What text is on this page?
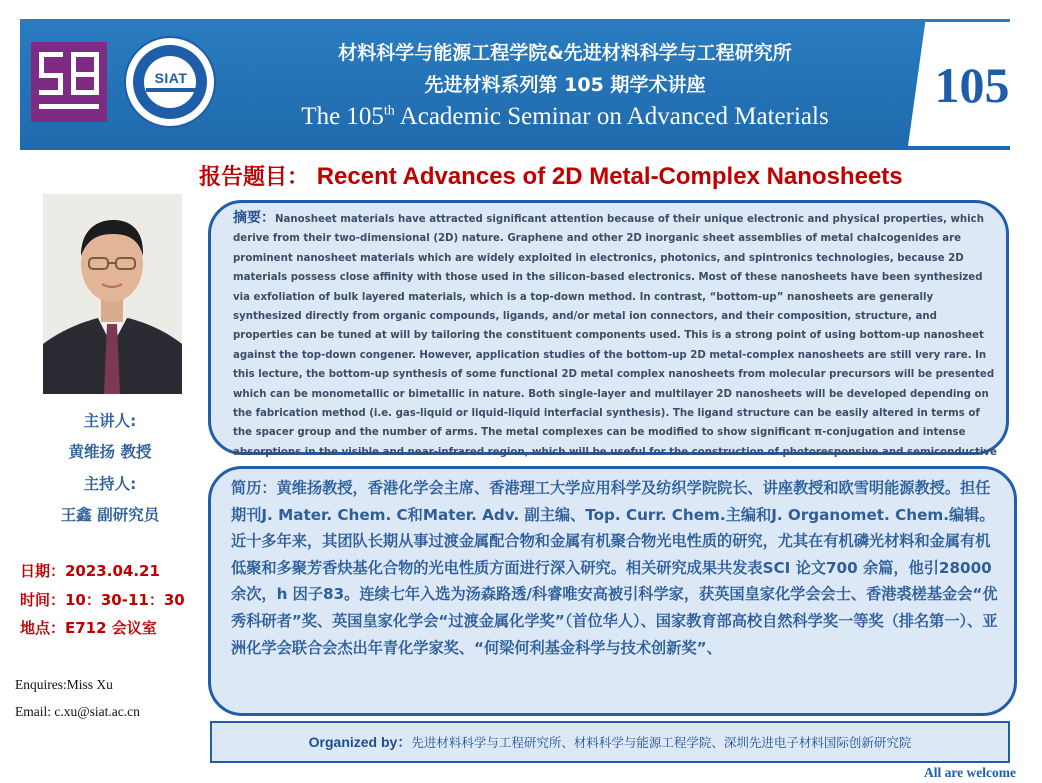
SIAT
材料科学与能源工程学院&先进材料科学与工程研究所
先进材料系列第 105 期学术讲座
The 105th Academic Seminar on Advanced Materials
105
报告题目： Recent Advances of 2D Metal-Complex Nanosheets
摘要：Nanosheet materials have attracted significant attention because of their unique electronic and physical properties, which derive from their two-dimensional (2D) nature. Graphene and other 2D inorganic sheet assemblies of metal chalcogenides are prominent nanosheet materials which are widely exploited in electronics, photonics, and spintronics technologies, because 2D materials possess close affinity with those used in the silicon-based electronics. Most of these nanosheets have been synthesized via exfoliation of bulk layered materials, which is a top-down method. In contrast, “bottom-up” nanosheets are generally synthesized directly from organic compounds, ligands, and/or metal ion connectors, and their composition, structure, and properties can be tuned at will by tailoring the constituent components used. This is a strong point of using bottom-up nanosheet against the top-down congener. However, application studies of the bottom-up 2D metal-complex nanosheets are still very rare. In this lecture, the bottom-up synthesis of some functional 2D metal complex nanosheets from molecular precursors will be presented which can be monometallic or bimetallic in nature. Both single-layer and multilayer 2D nanosheets will be developed depending on the fabrication method (i.e. gas-liquid or liquid-liquid interfacial synthesis). The ligand structure can be easily altered in terms of the spacer group and the number of arms. The metal complexes can be modified to show significant π-conjugation and intense absorptions in the visible and near-infrared region, which will be useful for the construction of photoresponsive and semiconductive
简历：黄维扬教授，香港化学会主席、香港理工大学应用科学及纺织学院院长、讲座教授和欧雪明能源教授。担任期刊J. Mater. Chem. C和Mater. Adv. 副主编、Top. Curr. Chem.主编和J. Organomet. Chem.编辑。近十多年来，其团队长期从事过渡金属配合物和金属有机聚合物光电性质的研究，尤其在有机磷光材料和金属有机低聚和多聚芳香炔基化合物的光电性质方面进行深入研究。相关研究成果共发表SCI 论文700 余篇，他引28000 余次，h 因子83。连续七年入选为汤森路透/科睿唯安高被引科学家，获英国皇家化学会会士、香港裘槎基金会“优秀科研者”奖、英国皇家化学会“过渡金属化学奖”（首位华人）、国家教育部高校自然科学奖一等奖（排名第一）、亚洲化学会联合会杰出年青化学家奖、“何梁何利基金科学与技术创新奖”、
主讲人:
黄维扬 教授
主持人:
王鑫 副研究员
日期：2023.04.21
时间：10：30-11：30
地点：E712 会议室
Enquires:Miss Xu
Email: c.xu@siat.ac.cn
Organized by：先进材料科学与工程研究所、材料科学与能源工程学院、深圳先进电子材料国际创新研究院
All are welcome
